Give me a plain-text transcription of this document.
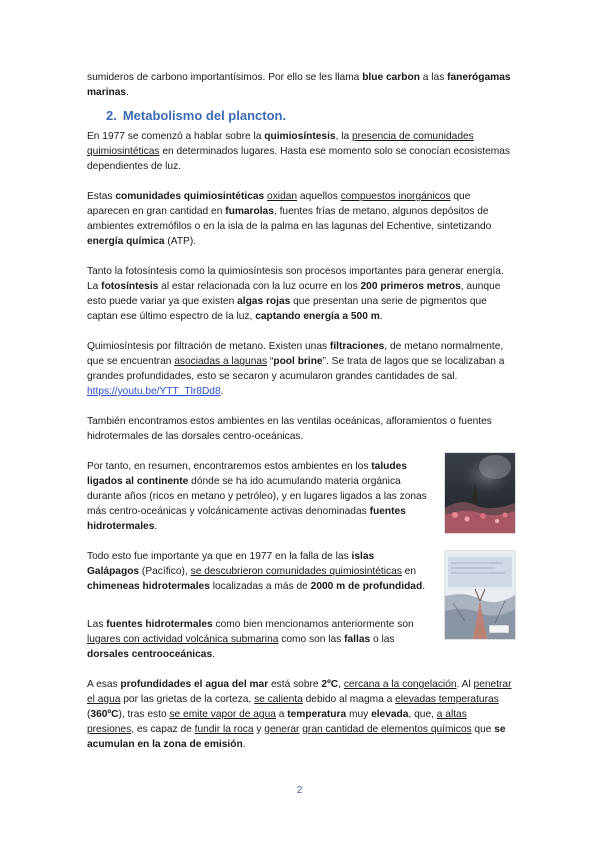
sumideros de carbono importantísimos. Por ello se les llama blue carbon a las fanerógamas marinas.

2. Metabolismo del plancton.

En 1977 se comenzó a hablar sobre la quimiosíntesis, la presencia de comunidades quimiosintéticas en determinados lugares. Hasta ese momento solo se conocían ecosistemas dependientes de luz.

Estas comunidades quimiosintéticas oxidan aquellos compuestos inorgánicos que aparecen en gran cantidad en fumarolas, fuentes frías de metano, algunos depósitos de ambientes extremófilos o en la isla de la palma en las lagunas del Echentive, sintetizando energía química (ATP).

Tanto la fotosíntesis como la quimiosíntesis son procesos importantes para generar energía. La fotosíntesis al estar relacionada con la luz ocurre en los 200 primeros metros, aunque esto puede variar ya que existen algas rojas que presentan una serie de pigmentos que captan ese último espectro de la luz, captando energía a 500 m.

Quimiosíntesis por filtración de metano. Existen unas filtraciones, de metano normalmente, que se encuentran asociadas a lagunas “pool brine”. Se trata de lagos que se localizaban a grandes profundidades, esto se secaron y acumularon grandes cantidades de sal. https://youtu.be/YTT_Tlr8Dd8.

También encontramos estos ambientes en las ventilas oceánicas, afloramientos o fuentes hidrotermales de las dorsales centro-oceánicas.

Por tanto, en resumen, encontraremos estos ambientes en los taludes ligados al continente dónde se ha ido acumulando materia orgánica durante años (ricos en metano y petróleo), y en lugares ligados a las zonas más centro-oceánicas y volcánicamente activas denominadas fuentes hidrotermales.

Todo esto fue importante ya que en 1977 en la falla de las islas Galápagos (Pacífico), se descubrieron comunidades quimiosintéticas en chimeneas hidrotermales localizadas a más de 2000 m de profundidad.

Las fuentes hidrotermales como bien mencionamos anteriormente son lugares con actividad volcánica submarina como son las fallas o las dorsales centrooceánicas.

A esas profundidades el agua del mar está sobre 2ºC, cercana a la congelación. Al penetrar el agua por las grietas de la corteza, se calienta debido al magma a elevadas temperaturas (360ºC), tras esto se emite vapor de agua a temperatura muy elevada, que, a altas presiones, es capaz de fundir la roca y generar gran cantidad de elementos químicos que se acumulan en la zona de emisión.

2
